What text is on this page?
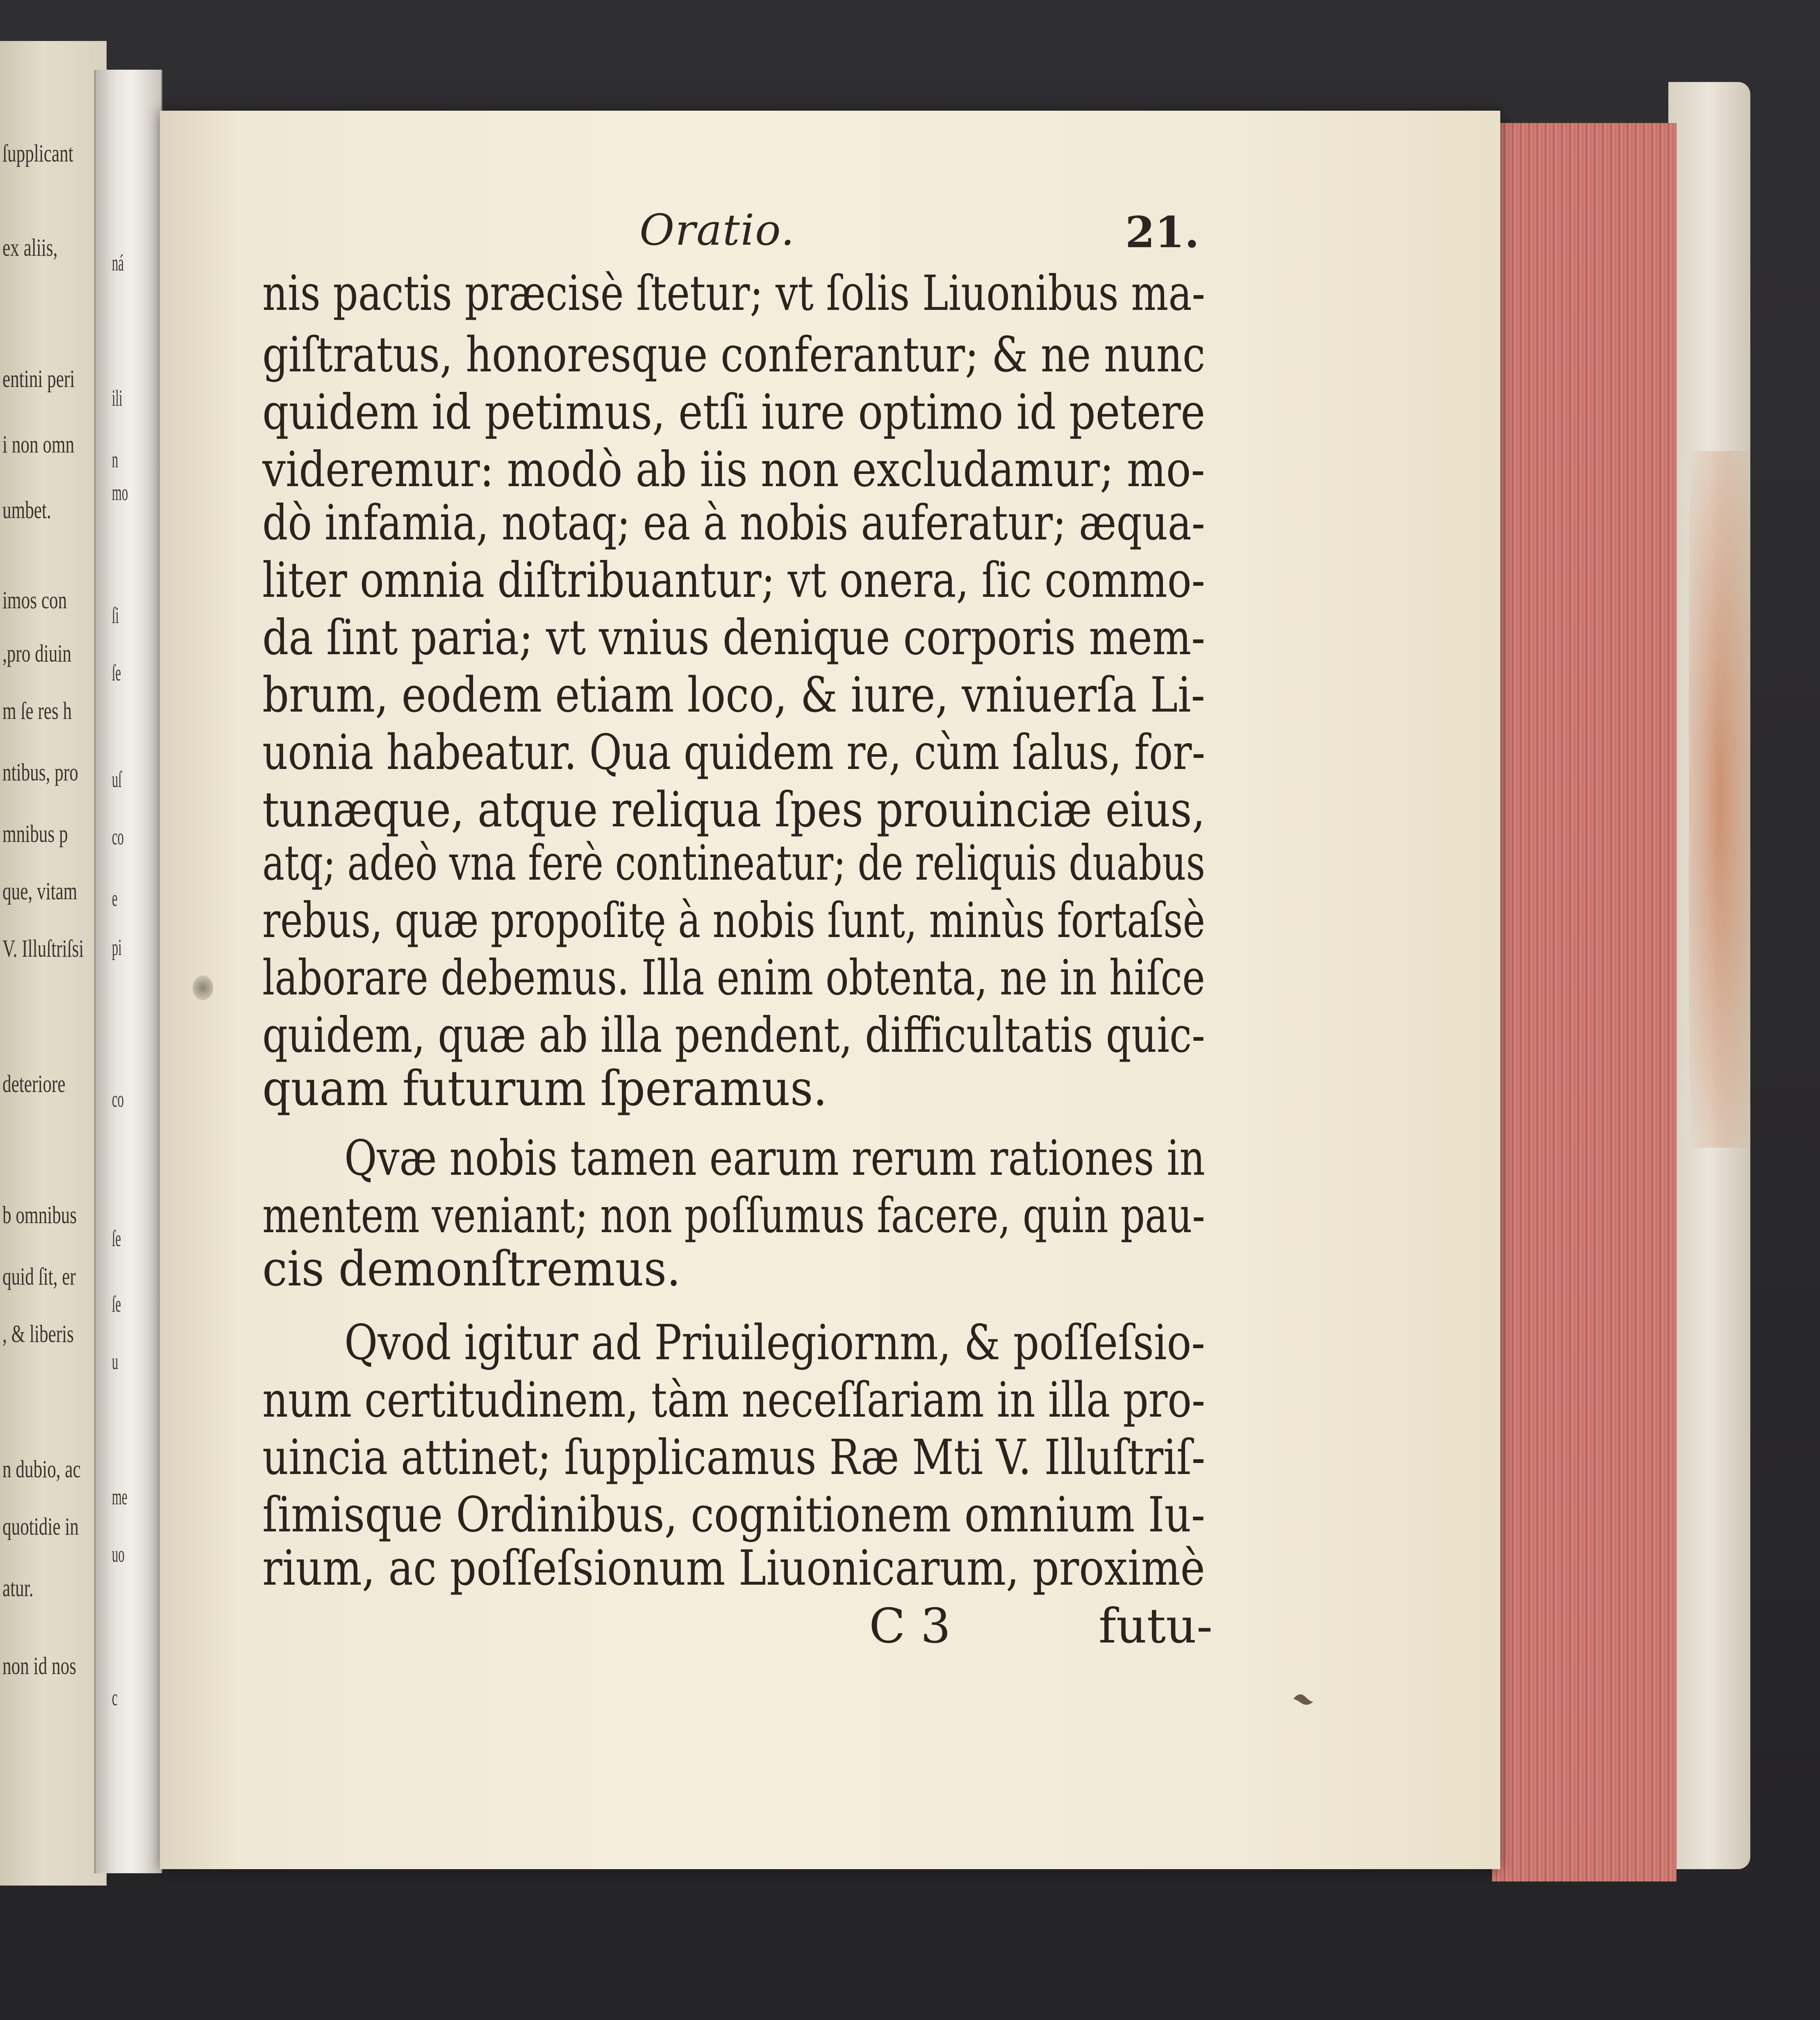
ſupplicant
ex aliis,
entini peri
i non omn
umbet.
imos con
,pro diuin
m ſe res h
ntibus, pro
mnibus p
que, vitam
V. Illuſtriſsi
deteriore
b omnibus
quid ſit, er
, & liberis
n dubio, ac
quotidie in
atur.
non id nos
ná
ili
n
mo
ſi
ſe
uſ
co
e
pi
co
ſe
ſe
u
me
uo
c
Oratio.	21.
nis pactis præcisè ſtetur; vt ſolis Liuonibus ma-
giſtratus, honoresque conferantur; & ne nunc
quidem id petimus, etſi iure optimo id petere
videremur: modò ab iis non excludamur; mo-
dò infamia, notaq; ea à nobis auferatur; æqua-
liter omnia diſtribuantur; vt onera, ſic commo-
da ſint paria; vt vnius denique corporis mem-
brum, eodem etiam loco, & iure, vniuerſa Li-
uonia habeatur. Qua quidem re, cùm ſalus, for-
tunæque, atque reliqua ſpes prouinciæ eius,
atq; adeò vna ferè contineatur; de reliquis duabus
rebus, quæ propoſitę à nobis ſunt, minùs fortaſsè
laborare debemus. Illa enim obtenta, ne in hiſce
quidem, quæ ab illa pendent, difficultatis quic-
quam futurum ſperamus.
Qvæ nobis tamen earum rerum rationes in
mentem veniant; non poſſumus facere, quin pau-
cis demonſtremus.
Qvod igitur ad Priuilegiornm, & poſſeſsio-
num certitudinem, tàm neceſſariam in illa pro-
uincia attinet; ſupplicamus Ræ Mti V. Illuſtriſ-
ſimisque Ordinibus, cognitionem omnium Iu-
rium, ac poſſeſsionum Liuonicarum, proximè
C 3	futu-
